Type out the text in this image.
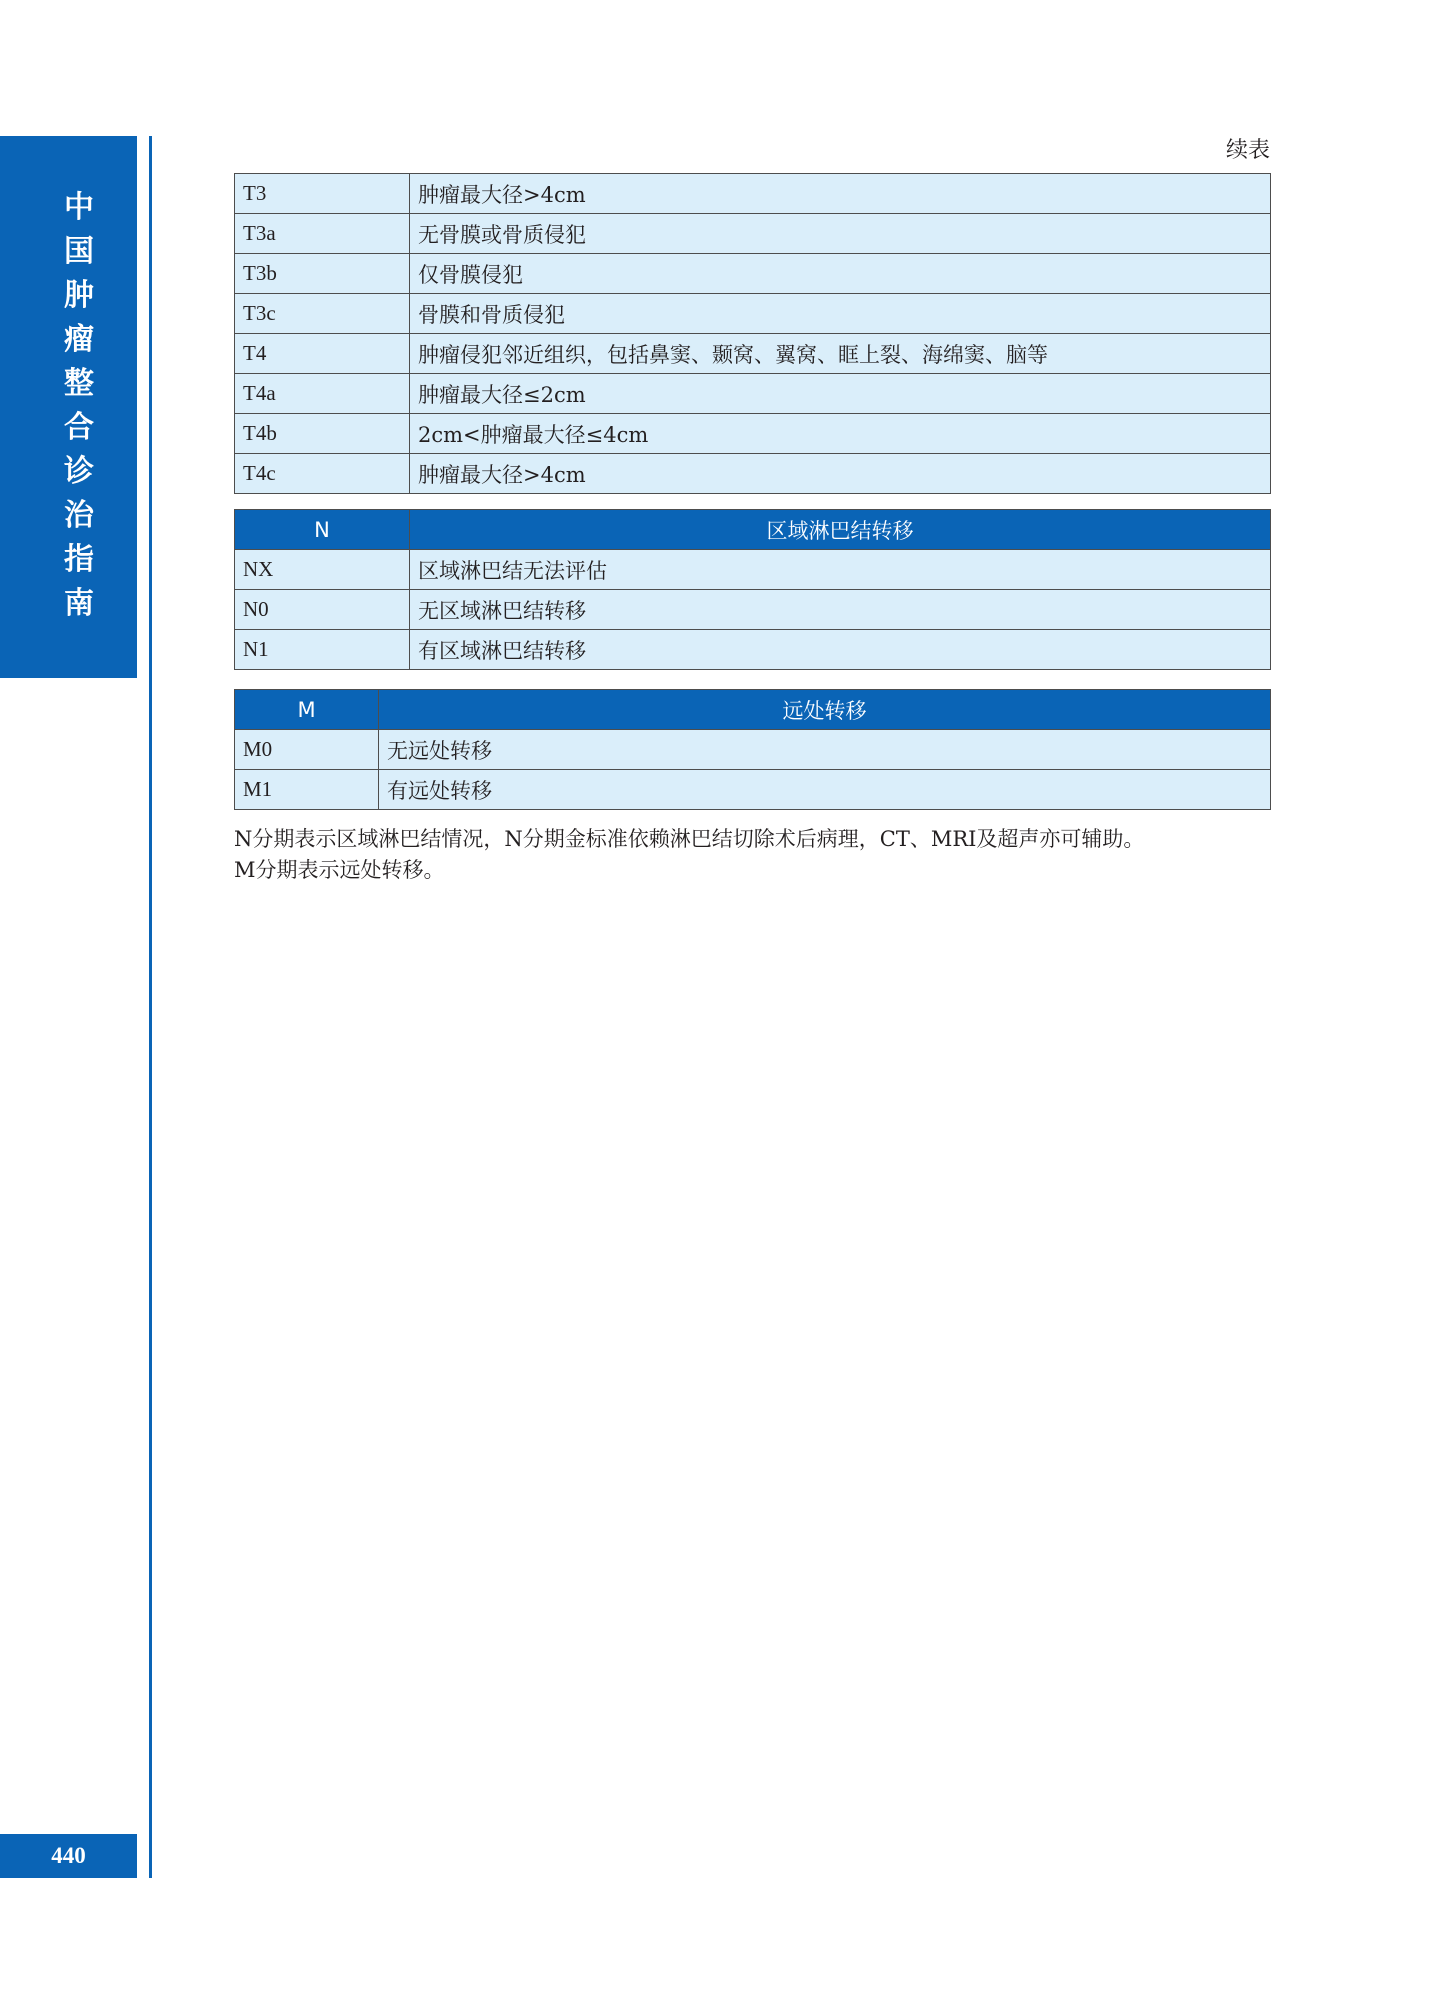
中
国
肿
瘤
整
合
诊
治
指
南
440
续表
T3	肿瘤最大径>4cm
T3a	无骨膜或骨质侵犯
T3b	仅骨膜侵犯
T3c	骨膜和骨质侵犯
T4	肿瘤侵犯邻近组织，包括鼻窦、颞窝、翼窝、眶上裂、海绵窦、脑等
T4a	肿瘤最大径≤2cm
T4b	2cm<肿瘤最大径≤4cm
T4c	肿瘤最大径>4cm
N	区域淋巴结转移
NX	区域淋巴结无法评估
N0	无区域淋巴结转移
N1	有区域淋巴结转移
M	远处转移
M0	无远处转移
M1	有远处转移

N分期表示区域淋巴结情况，N分期金标准依赖淋巴结切除术后病理，CT、MRI及超声亦可辅助。

M分期表示远处转移。
